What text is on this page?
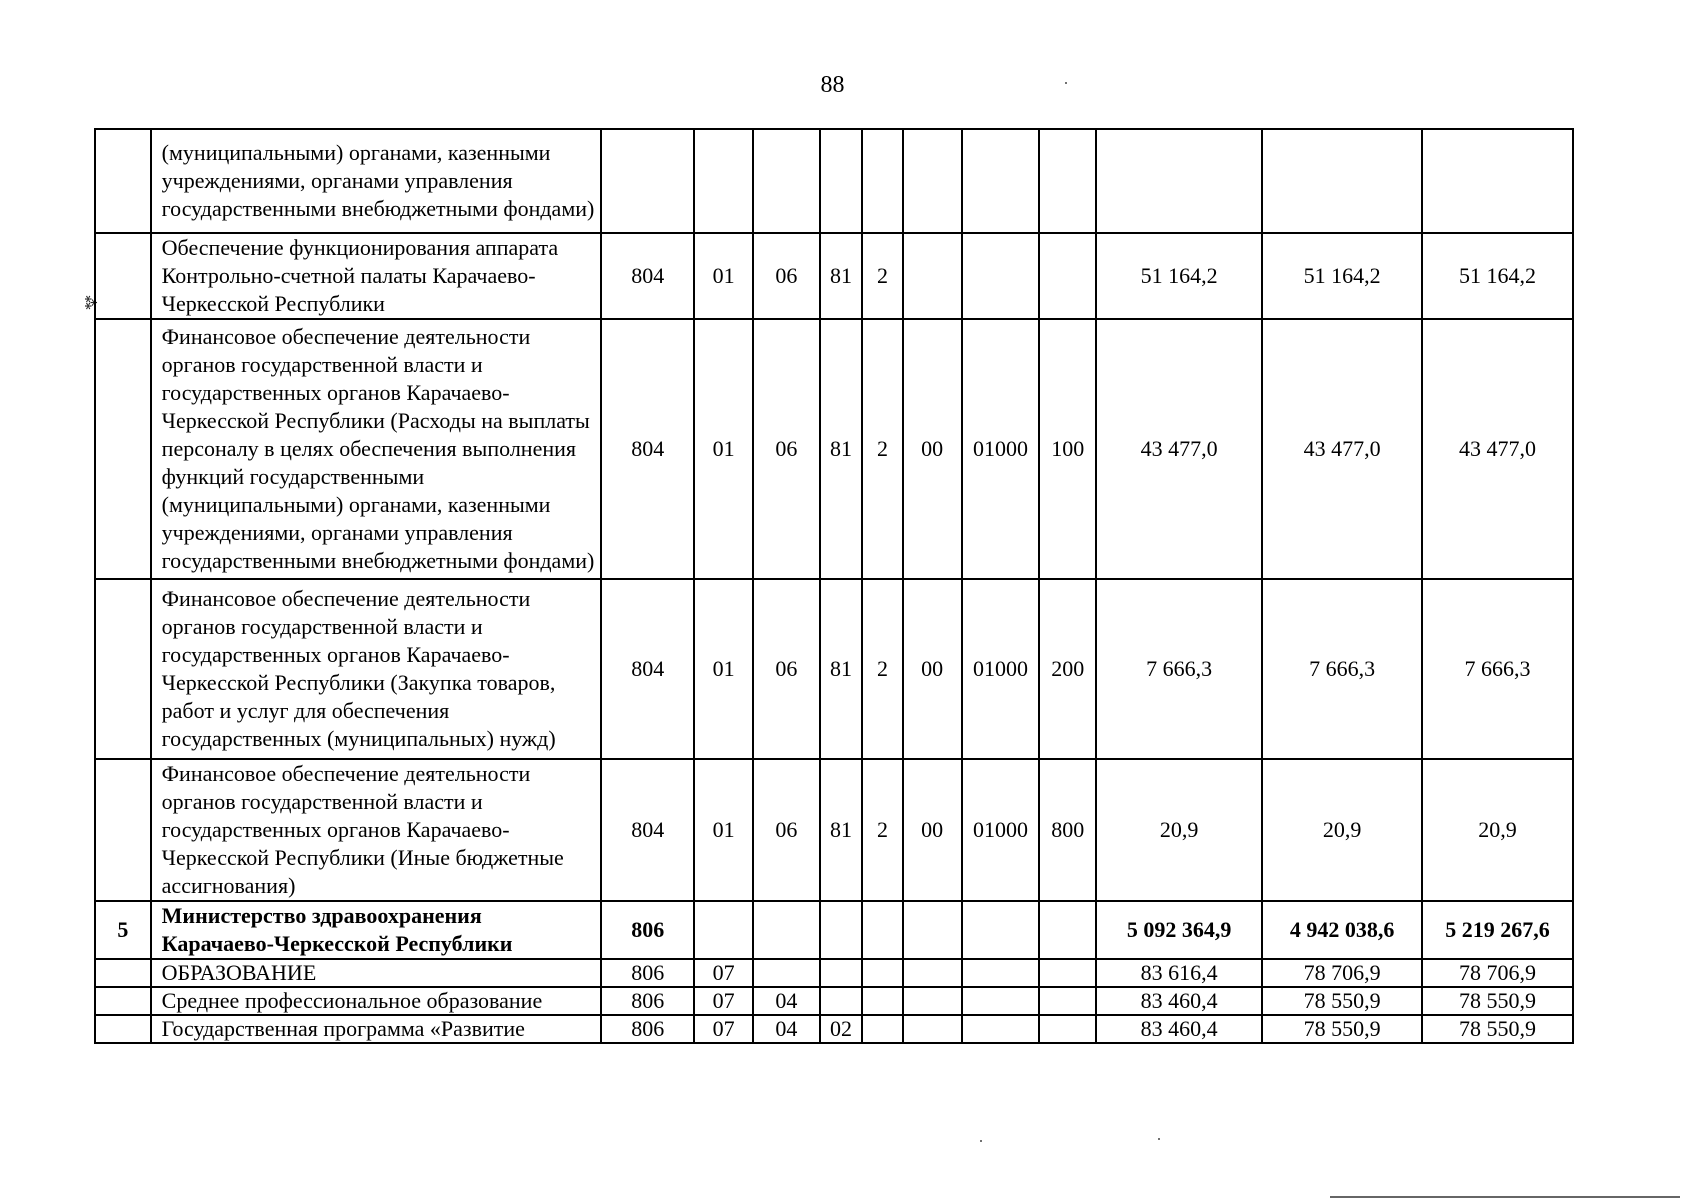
88
⁂
	(муниципальными) органами, казенными учреждениями, органами управления государственными внебюджетными фондами)											
	Обеспечение функционирования аппарата Контрольно-счетной палаты Карачаево-Черкесской Республики	804	01	06	81	2				51 164,2	51 164,2	51 164,2
	Финансовое обеспечение деятельности органов государственной власти и государственных органов Карачаево-Черкесской Республики (Расходы на выплаты персоналу в целях обеспечения выполнения функций государственными (муниципальными) органами, казенными учреждениями, органами управления государственными внебюджетными фондами)	804	01	06	81	2	00	01000	100	43 477,0	43 477,0	43 477,0
	Финансовое обеспечение деятельности органов государственной власти и государственных органов Карачаево-Черкесской Республики (Закупка товаров, работ и услуг для обеспечения государственных (муниципальных) нужд)	804	01	06	81	2	00	01000	200	7 666,3	7 666,3	7 666,3
	Финансовое обеспечение деятельности органов государственной власти и государственных органов Карачаево-Черкесской Республики (Иные бюджетные ассигнования)	804	01	06	81	2	00	01000	800	20,9	20,9	20,9
5	Министерство здравоохранения Карачаево-Черкесской Республики	806								5 092 364,9	4 942 038,6	5 219 267,6
	ОБРАЗОВАНИЕ	806	07							83 616,4	78 706,9	78 706,9
	Среднее профессиональное образование	806	07	04						83 460,4	78 550,9	78 550,9
	Государственная программа «Развитие	806	07	04	02					83 460,4	78 550,9	78 550,9
